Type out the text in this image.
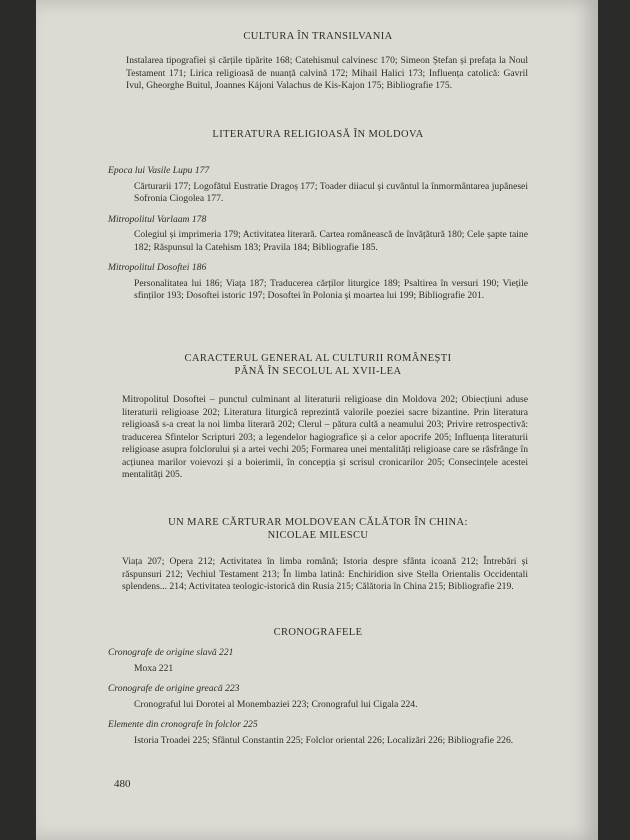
CULTURA ÎN TRANSILVANIA

Instalarea tipografiei și cărțile tipărite 168; Catehismul calvinesc 170; Simeon Ștefan și prefața la Noul Testament 171; Lirica religioasă de nuanță calvină 172; Mihail Halici 173; Influența catolică: Gavril Ivul, Gheorghe Buitul, Joannes Kájoni Valachus de Kis-Kajon 175; Bibliografie 175.

LITERATURA RELIGIOASĂ ÎN MOLDOVA

Epoca lui Vasile Lupu 177

Cărturarii 177; Logofătul Eustratie Dragoș 177; Toader diiacul și cuvântul la înmormântarea jupânesei Sofronia Ciogolea 177.

Mitropolitul Varlaam 178

Colegiul și imprimeria 179; Activitatea literară. Cartea românească de învățătură 180; Cele șapte taine 182; Răspunsul la Catehism 183; Pravila 184; Bibliografie 185.

Mitropolitul Dosoftei 186

Personalitatea lui 186; Viața 187; Traducerea cărților liturgice 189; Psaltirea în versuri 190; Viețile sfinților 193; Dosoftei istoric 197; Dosoftei în Polonia și moartea lui 199; Bibliografie 201.

CARACTERUL GENERAL AL CULTURII ROMÂNEȘTI
PÂNĂ ÎN SECOLUL AL XVII-LEA

Mitropolitul Dosoftei – punctul culminant al literaturii religioase din Moldova 202; Obiecțiuni aduse literaturii religioase 202; Literatura liturgică reprezintă valorile poeziei sacre bizantine. Prin literatura religioasă s-a creat la noi limba literară 202; Clerul – pătura cultă a neamului 203; Privire retrospectivă: traducerea Sfintelor Scripturi 203; a legendelor hagiografice și a celor apocrife 205; Influența literaturii religioase asupra folclorului și a artei vechi 205; Formarea unei mentalități religioase care se răsfrânge în acțiunea marilor voievozi și a boierimii, în concepția și scrisul cronicarilor 205; Consecințele acestei mentalități 205.

UN MARE CĂRTURAR MOLDOVEAN CĂLĂTOR ÎN CHINA:
NICOLAE MILESCU

Viața 207; Opera 212; Activitatea în limba română; Istoria despre sfânta icoană 212; Întrebări și răspunsuri 212; Vechiul Testament 213; În limba latină: Enchiridion sive Stella Orientalis Occidentali splendens... 214; Activitatea teologic-istorică din Rusia 215; Călătoria în China 215; Bibliografie 219.

CRONOGRAFELE

Cronografe de origine slavă 221

Moxa 221

Cronografe de origine greacă 223

Cronograful lui Dorotei al Monembaziei 223; Cronograful lui Cigala 224.

Elemente din cronografe în folclor 225

Istoria Troadei 225; Sfântul Constantin 225; Folclor oriental 226; Localizări 226; Bibliografie 226.

480
